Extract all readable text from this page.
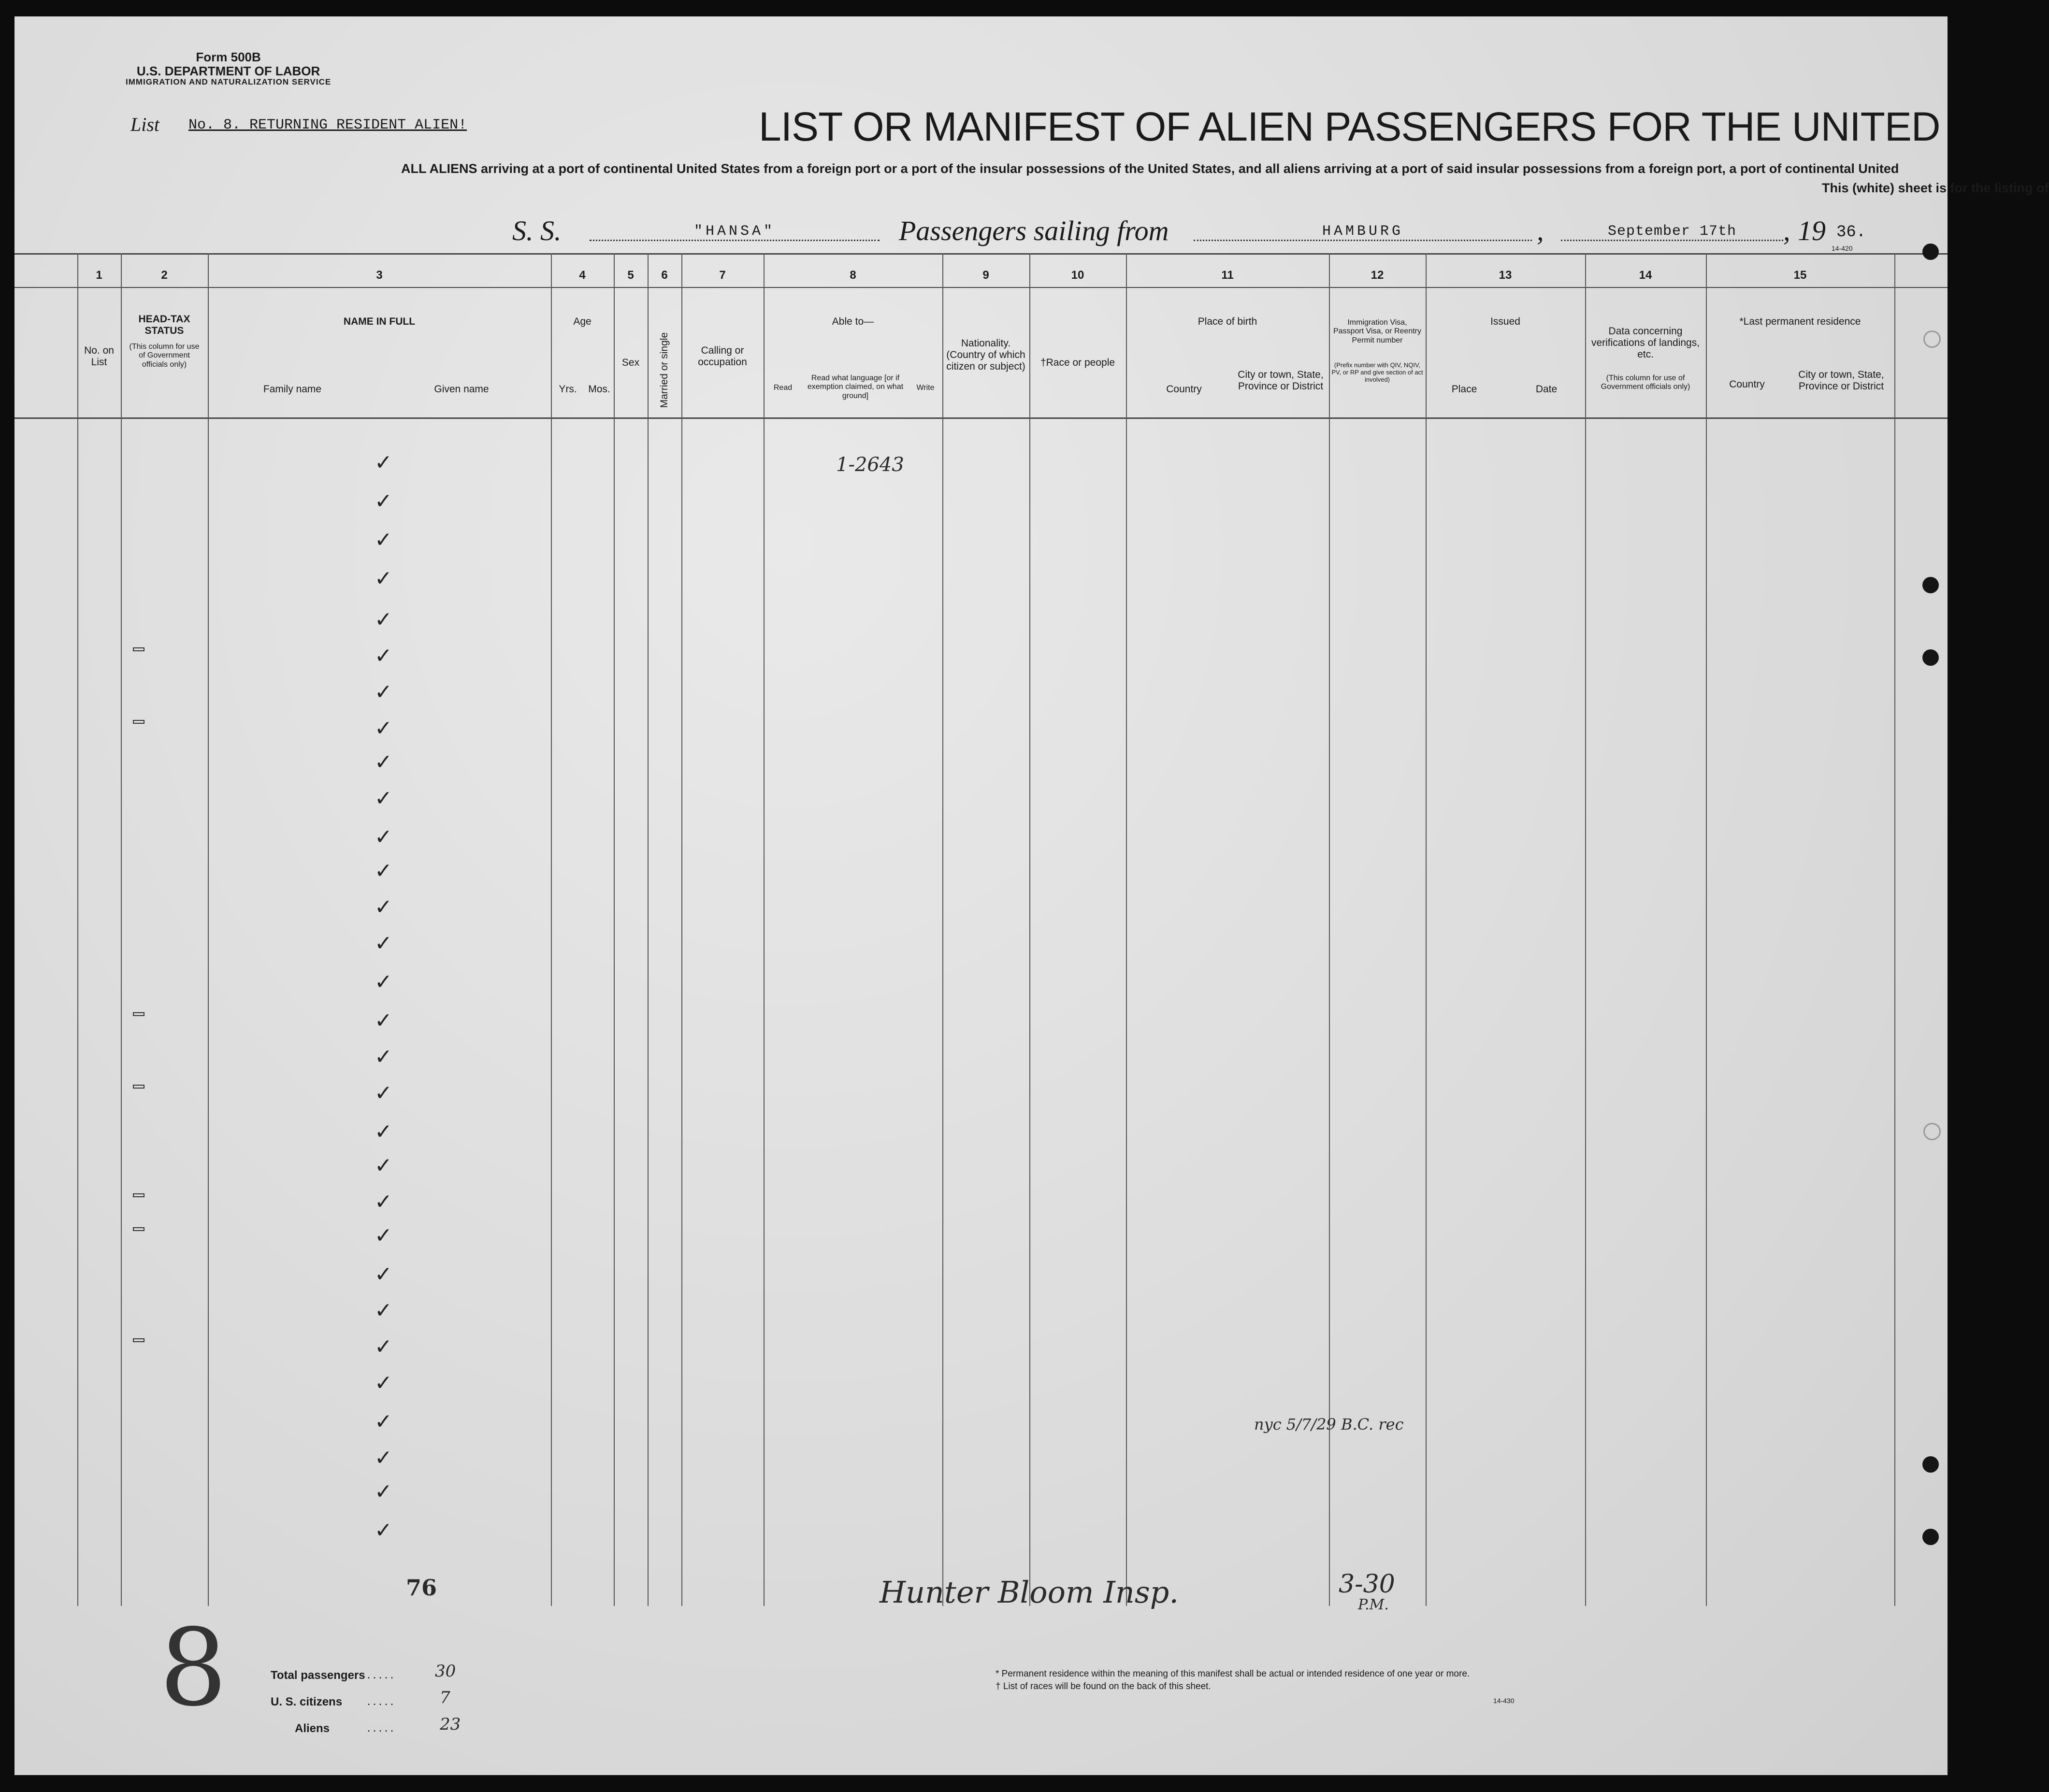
Form 500B
U.S. DEPARTMENT OF LABOR
IMMIGRATION AND NATURALIZATION SERVICE
List No. 8. RETURNING RESIDENT ALIEN!	LIST OR MANIFEST OF ALIEN PASSENGERS FOR THE UNITED
ALL ALIENS arriving at a port of continental United States from a foreign port or a port of the insular possessions of the United States, and all aliens arriving at a port of said insular possessions from a foreign port, a port of continental United
This (white) sheet is for the listing of
S. S.	"HANSA"	Passengers sailing from	HAMBURG	,	September 17th	, 19 36.
14-420
1	2	3	4	5 6	7	8	9	10	11	12	13	14	15
No. on List
HEAD-TAX STATUS
(This column for use of Government officials only)
NAME IN FULL
Family name	Given name
Age
Yrs.	Mos.
Sex	Married or single	Calling or occupation
Able to—
Read
Read what language [or if exemption claimed, on what ground]
Write
Nationality. (Country of which citizen or subject)	†Race or people
Place of birth
Country
City or town, State, Province or District
Immigration Visa, Passport Visa, or Reentry Permit number
(Prefix number with QIV, NQIV, PV, or RP and give section of act involved)
Issued
Place	Date
Data concerning verifications of landings, etc.
(This column for use of Government officials only)
*Last permanent residence
Country
City or town, State, Province or District
✓
✓
✓
✓
✓
✓
✓
✓
✓
✓
✓
✓
✓
✓
✓
✓
✓
✓
✓
✓
✓
✓
✓
✓
✓
✓
✓
✓
✓
✓
1-2643
nyc 5/7/29 B.C. rec
76	Hunter Bloom Insp.	3-30
P.M.
8	Total passengers . . . . .	30
U. S. citizens . . . . .	7
Aliens	. . . . .	23
* Permanent residence within the meaning of this manifest shall be actual or intended residence of one year or more.
† List of races will be found on the back of this sheet.
14-430
